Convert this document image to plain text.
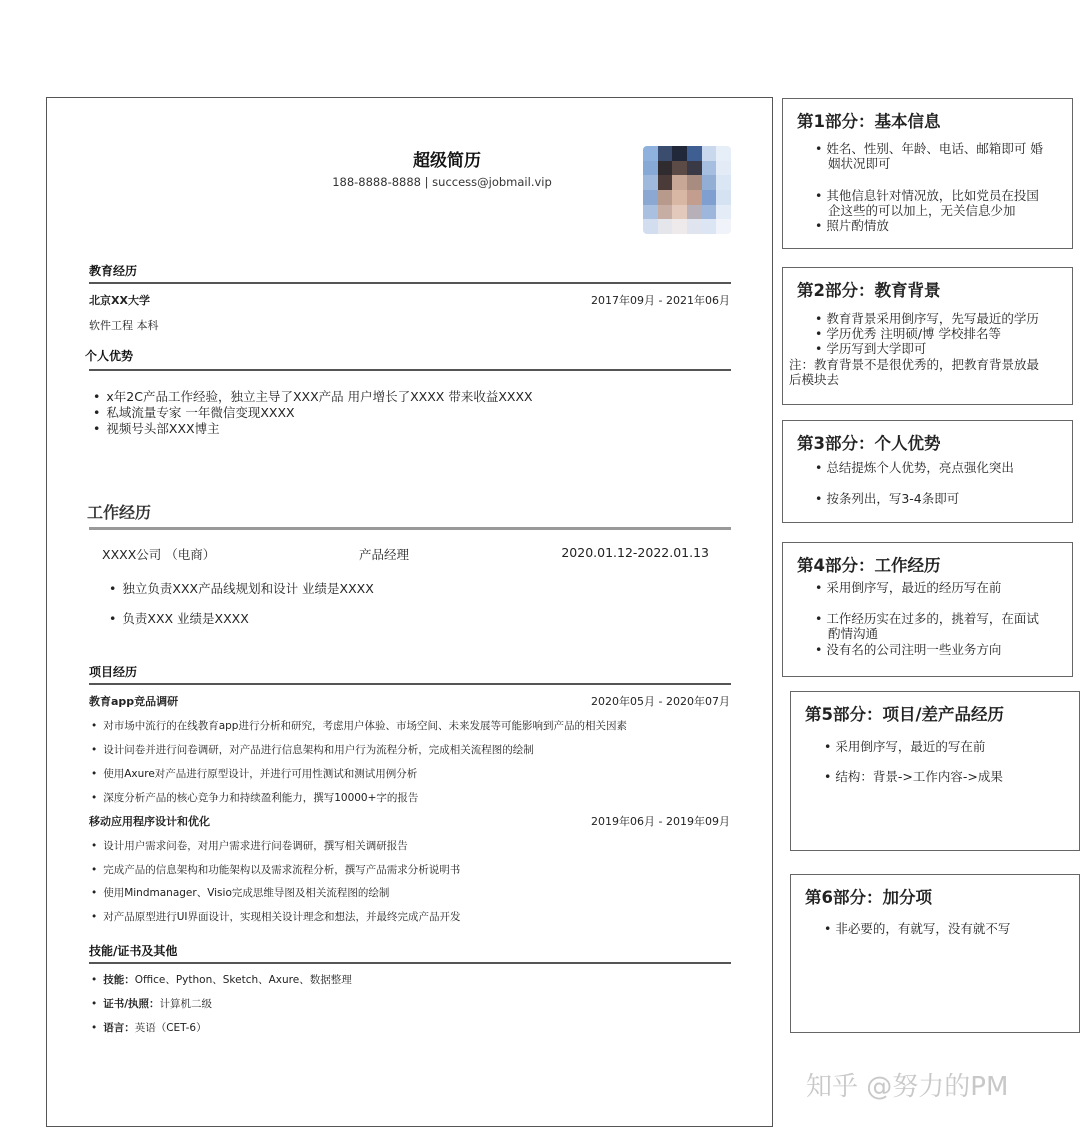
超级简历
188-8888-8888 | success@jobmail.vip
教育经历
北京XX大学	2017年09月 - 2021年06月
软件工程 本科
个人优势
• x年2C产品工作经验，独立主导了XXX产品 用户增长了XXXX 带来收益XXXX
• 私域流量专家 一年微信变现XXXX
• 视频号头部XXX博主
工作经历
XXXX公司 （电商）	产品经理	2020.01.12-2022.01.13
• 独立负责XXX产品线规划和设计 业绩是XXXX
• 负责XXX 业绩是XXXX
项目经历
教育app竞品调研	2020年05月 - 2020年07月
• 对市场中流行的在线教育app进行分析和研究，考虑用户体验、市场空间、未来发展等可能影响到产品的相关因素
• 设计问卷并进行问卷调研，对产品进行信息架构和用户行为流程分析，完成相关流程图的绘制
• 使用Axure对产品进行原型设计，并进行可用性测试和测试用例分析
• 深度分析产品的核心竞争力和持续盈利能力，撰写10000+字的报告
移动应用程序设计和优化	2019年06月 - 2019年09月
• 设计用户需求问卷，对用户需求进行问卷调研，撰写相关调研报告
• 完成产品的信息架构和功能架构以及需求流程分析，撰写产品需求分析说明书
• 使用Mindmanager、Visio完成思维导图及相关流程图的绘制
• 对产品原型进行UI界面设计，实现相关设计理念和想法，并最终完成产品开发
技能/证书及其他
• 技能：Office、Python、Sketch、Axure、数据整理
• 证书/执照：计算机二级
• 语言：英语（CET-6）
第1部分：基本信息
• 姓名、性别、年龄、电话、邮箱即可 婚
姻状况即可
• 其他信息针对情况放，比如党员在投国
企这些的可以加上，无关信息少加
• 照片酌情放
第2部分：教育背景
• 教育背景采用倒序写，先写最近的学历
• 学历优秀 注明硕/博 学校排名等
• 学历写到大学即可
注：教育背景不是很优秀的，把教育背景放最
后模块去
第3部分：个人优势
• 总结提炼个人优势，亮点强化突出
• 按条列出，写3-4条即可
第4部分：工作经历
• 采用倒序写，最近的经历写在前
• 工作经历实在过多的，挑着写，在面试
酌情沟通
• 没有名的公司注明一些业务方向
第5部分：项目/差产品经历
• 采用倒序写，最近的写在前
• 结构：背景->工作内容->成果
第6部分：加分项
• 非必要的，有就写，没有就不写
知乎 @努力的PM
